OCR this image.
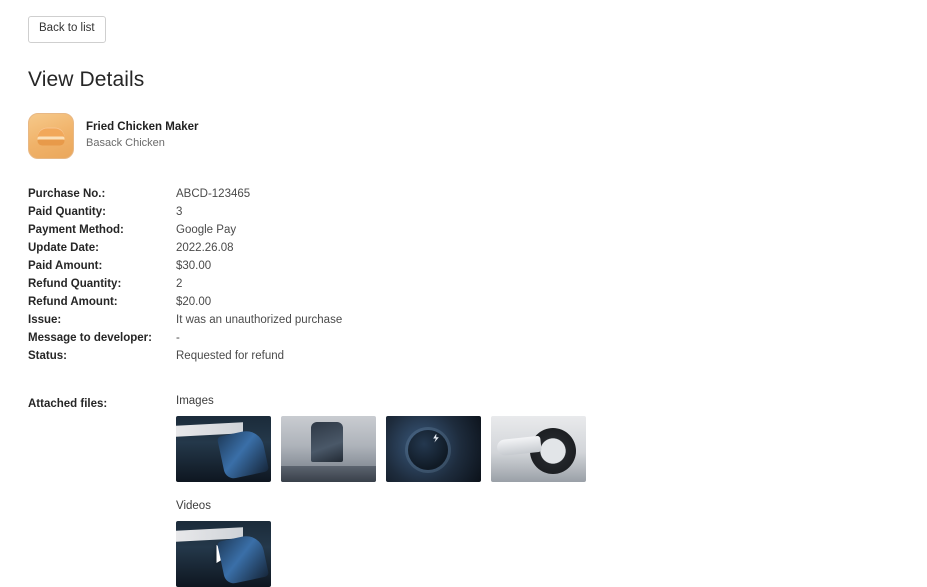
Back to list
View Details
Fried Chicken Maker
Basack Chicken
Purchase No.:	ABCD-123465
Paid Quantity:	3
Payment Method:	Google Pay
Update Date:	2022.26.08
Paid Amount:	$30.00
Refund Quantity:	2
Refund Amount:	$20.00
Issue:	It was an unauthorized purchase
Message to developer:	-
Status:	Requested for refund
Attached files:	Images
Videos
